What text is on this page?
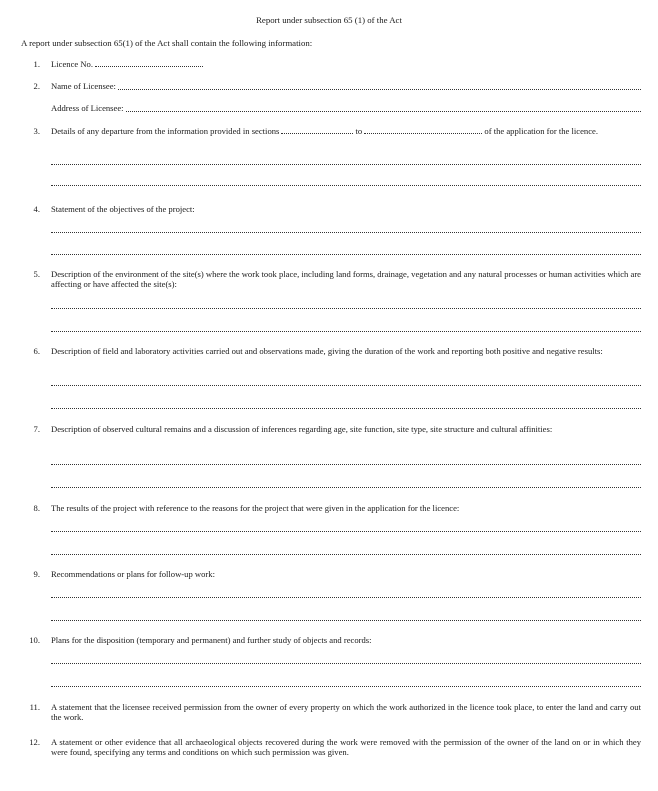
Report under subsection 65 (1) of the Act
A report under subsection 65(1) of the Act shall contain the following information:
1. Licence No.
2. Name of Licensee:
Address of Licensee:
3. Details of any departure from the information provided in sections	to	of the application for the licence.
4. Statement of the objectives of the project:
5. Description of the environment of the site(s) where the work took place, including land forms, drainage, vegetation and any natural processes or human activities which are affecting or have affected the site(s):
6. Description of field and laboratory activities carried out and observations made, giving the duration of the work and reporting both positive and negative results:
7. Description of observed cultural remains and a discussion of inferences regarding age, site function, site type, site structure and cultural affinities:
8. The results of the project with reference to the reasons for the project that were given in the application for the licence:
9. Recommendations or plans for follow-up work:
10. Plans for the disposition (temporary and permanent) and further study of objects and records:
11. A statement that the licensee received permission from the owner of every property on which the work authorized in the licence took place, to enter the land and carry out the work.
12. A statement or other evidence that all archaeological objects recovered during the work were removed with the permission of the owner of the land on or in which they were found, specifying any terms and conditions on which such permission was given.
